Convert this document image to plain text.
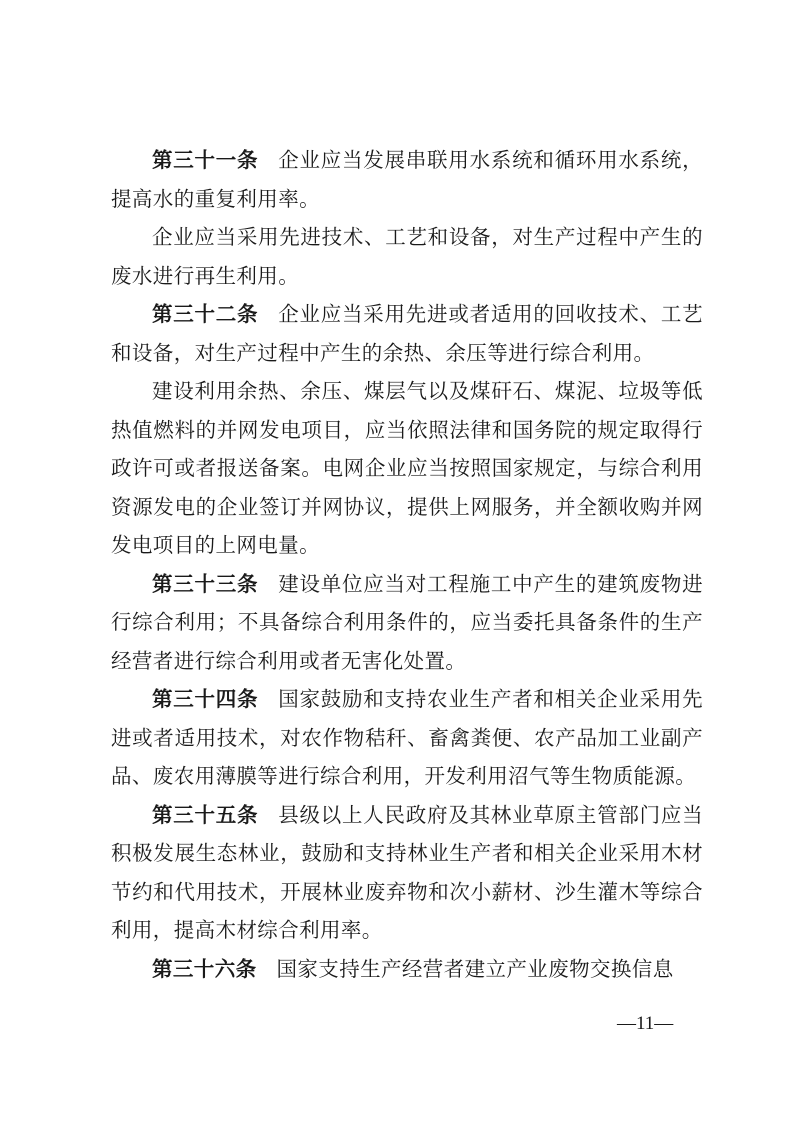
第三十一条 企业应当发展串联用水系统和循环用水系统，提高水的重复利用率。

企业应当采用先进技术、工艺和设备，对生产过程中产生的废水进行再生利用。

第三十二条 企业应当采用先进或者适用的回收技术、工艺和设备，对生产过程中产生的余热、余压等进行综合利用。

建设利用余热、余压、煤层气以及煤矸石、煤泥、垃圾等低热值燃料的并网发电项目，应当依照法律和国务院的规定取得行政许可或者报送备案。电网企业应当按照国家规定，与综合利用资源发电的企业签订并网协议，提供上网服务，并全额收购并网发电项目的上网电量。

第三十三条 建设单位应当对工程施工中产生的建筑废物进行综合利用；不具备综合利用条件的，应当委托具备条件的生产经营者进行综合利用或者无害化处置。

第三十四条 国家鼓励和支持农业生产者和相关企业采用先进或者适用技术，对农作物秸秆、畜禽粪便、农产品加工业副产品、废农用薄膜等进行综合利用，开发利用沼气等生物质能源。

第三十五条 县级以上人民政府及其林业草原主管部门应当积极发展生态林业，鼓励和支持林业生产者和相关企业采用木材节约和代用技术，开展林业废弃物和次小薪材、沙生灌木等综合利用，提高木材综合利用率。

第三十六条 国家支持生产经营者建立产业废物交换信息

—11—
